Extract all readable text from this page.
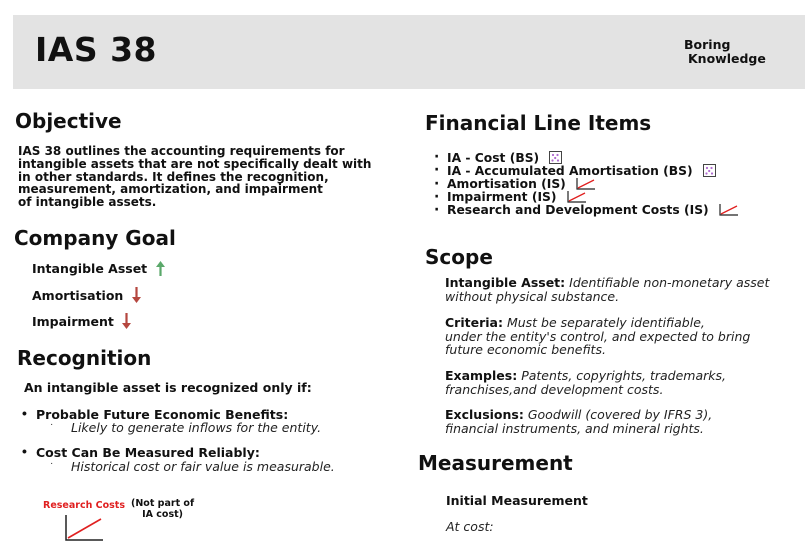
IAS 38	Boring
Knowledge
Objective
IAS 38 outlines the accounting requirements for
intangible assets that are not specifically dealt with
in other standards. It defines the recognition,
measurement, amortization, and impairment
of intangible assets.
Company Goal
Intangible Asset
Amortisation
Impairment
Recognition
An intangible asset is recognized only if:
• Probable Future Economic Benefits:
· Likely to generate inflows for the entity.
• Cost Can Be Measured Reliably:
· Historical cost or fair value is measurable.
Research Costs (Not part of
IA cost)
Financial Line Items
· IA - Cost (BS)
· IA - Accumulated Amortisation (BS)
· Amortisation (IS)
· Impairment (IS)
· Research and Development Costs (IS)
Scope
Intangible Asset: Identifiable non-monetary asset
without physical substance.
Criteria: Must be separately identifiable,
under the entity's control, and expected to bring
future economic benefits.
Examples: Patents, copyrights, trademarks,
franchises,and development costs.
Exclusions: Goodwill (covered by IFRS 3),
financial instruments, and mineral rights.
Measurement
Initial Measurement
At cost:
